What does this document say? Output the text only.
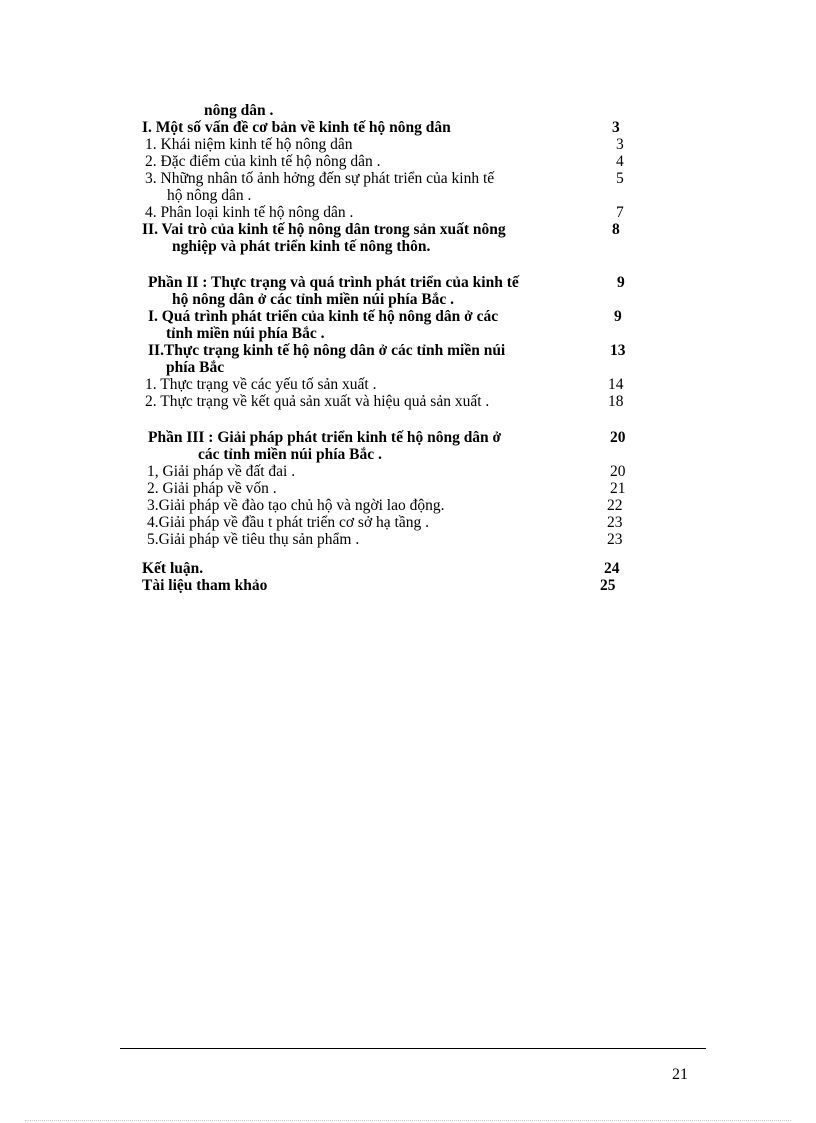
nông dân .
I. Một số vấn đề cơ bản về kinh tế hộ nông dân	3
1. Khái niệm kinh tế hộ nông dân	3
2. Đặc điểm của kinh tế hộ nông dân .	4
3. Những nhân tố ảnh hởng đến sự phát triển của kinh tế	5
hộ nông dân .
4. Phân loại kinh tế hộ nông dân .	7
II. Vai trò của kinh tế hộ nông dân trong sản xuất nông	8
nghiệp và phát triển kinh tế nông thôn.
Phần II : Thực trạng và quá trình phát triển của kinh tế	9
hộ nông dân ở các tỉnh miền núi phía Bắc .
I. Quá trình phát triển của kinh tế hộ nông dân ở các	9
tỉnh miền núi phía Bắc .
II.Thực trạng kinh tế hộ nông dân ở các tỉnh miền núi	13
phía Bắc
1. Thực trạng về các yếu tố sản xuất .	14
2. Thực trạng về kết quả sản xuất và hiệu quả sản xuất .	18
Phần III : Giải pháp phát triển kinh tế hộ nông dân ở	20
các tỉnh miền núi phía Bắc .
1, Giải pháp về đất đai .	20
2. Giải pháp về vốn .	21
3.Giải pháp về đào tạo chủ hộ và ngời lao động.	22
4.Giải pháp về đầu t phát triển cơ sở hạ tầng .	23
5.Giải pháp về tiêu thụ sản phẩm .	23
Kết luận.	24
Tài liệu tham khảo	25
21
